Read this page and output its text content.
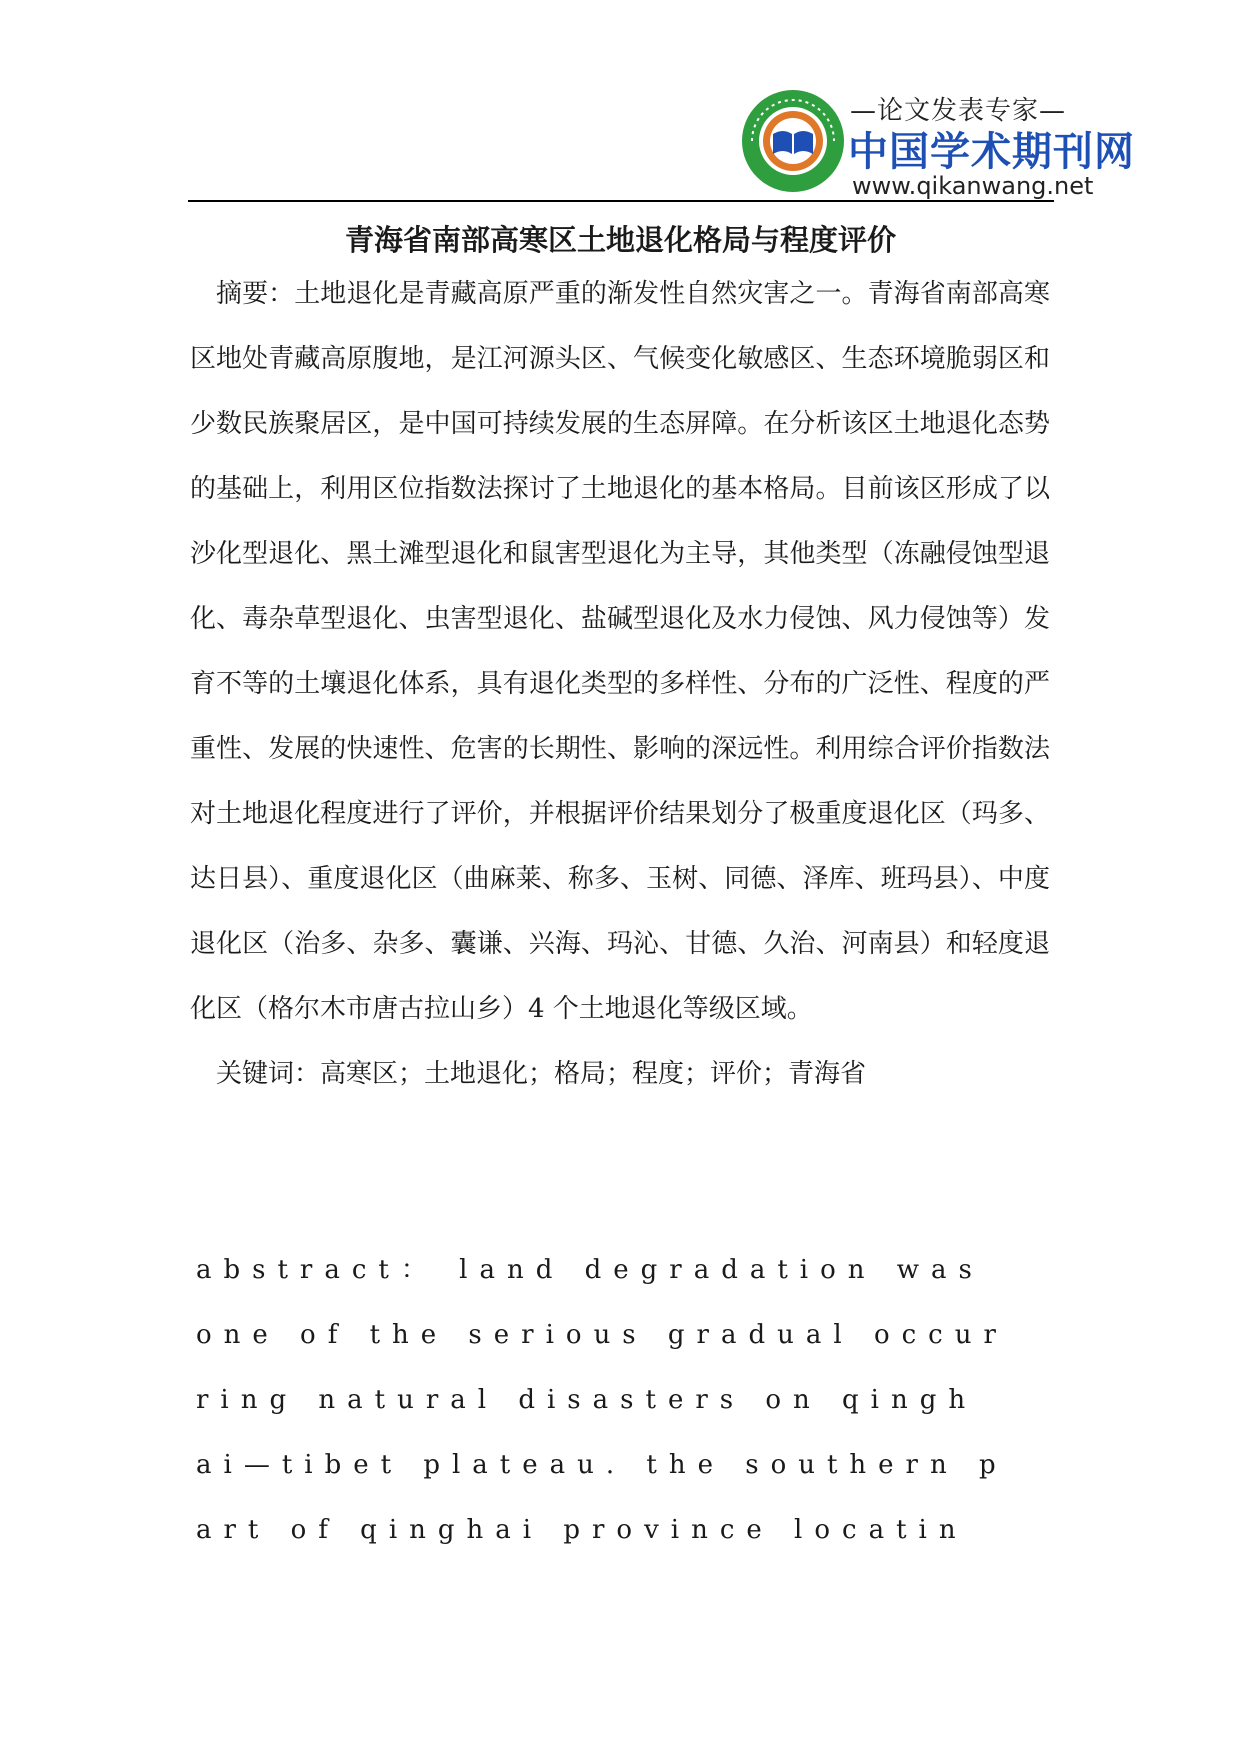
—论文发表专家—
中国学术期刊网
www.qikanwang.net
青海省南部高寒区土地退化格局与程度评价

摘要：土地退化是青藏高原严重的渐发性自然灾害之一。青海省南部高寒区地处青藏高原腹地，是江河源头区、气候变化敏感区、生态环境脆弱区和少数民族聚居区，是中国可持续发展的生态屏障。在分析该区土地退化态势的基础上，利用区位指数法探讨了土地退化的基本格局。目前该区形成了以沙化型退化、黑土滩型退化和鼠害型退化为主导，其他类型（冻融侵蚀型退化、毒杂草型退化、虫害型退化、盐碱型退化及水力侵蚀、风力侵蚀等）发育不等的土壤退化体系，具有退化类型的多样性、分布的广泛性、程度的严重性、发展的快速性、危害的长期性、影响的深远性。利用综合评价指数法对土地退化程度进行了评价，并根据评价结果划分了极重度退化区（玛多、达日县）、重度退化区（曲麻莱、称多、玉树、同德、泽库、班玛县）、中度退化区（治多、杂多、囊谦、兴海、玛沁、甘德、久治、河南县）和轻度退化区（格尔木市唐古拉山乡）4 个土地退化等级区域。

关键词：高寒区；土地退化；格局；程度；评价；青海省

abstract： land degradation was
one of the serious gradual occur
ring natural disasters on qingh
ai—tibet plateau. the southern p
art of qinghai province locatin
